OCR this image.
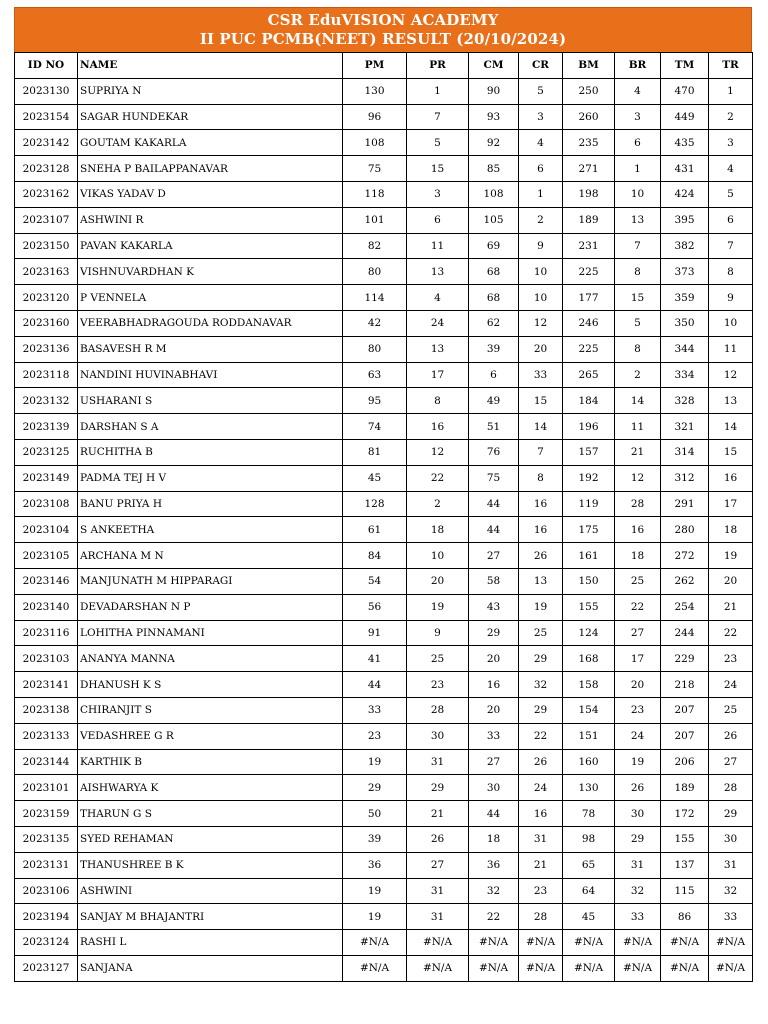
CSR EduVISION ACADEMY
II PUC PCMB(NEET) RESULT (20/10/2024)
ID NO	NAME	PM	PR	CM	CR	BM	BR	TM	TR
2023130	SUPRIYA N	130	1	90	5	250	4	470	1
2023154	SAGAR HUNDEKAR	96	7	93	3	260	3	449	2
2023142	GOUTAM KAKARLA	108	5	92	4	235	6	435	3
2023128	SNEHA P BAILAPPANAVAR	75	15	85	6	271	1	431	4
2023162	VIKAS YADAV D	118	3	108	1	198	10	424	5
2023107	ASHWINI R	101	6	105	2	189	13	395	6
2023150	PAVAN KAKARLA	82	11	69	9	231	7	382	7
2023163	VISHNUVARDHAN K	80	13	68	10	225	8	373	8
2023120	P VENNELA	114	4	68	10	177	15	359	9
2023160	VEERABHADRAGOUDA RODDANAVAR	42	24	62	12	246	5	350	10
2023136	BASAVESH R M	80	13	39	20	225	8	344	11
2023118	NANDINI HUVINABHAVI	63	17	6	33	265	2	334	12
2023132	USHARANI S	95	8	49	15	184	14	328	13
2023139	DARSHAN S A	74	16	51	14	196	11	321	14
2023125	RUCHITHA B	81	12	76	7	157	21	314	15
2023149	PADMA TEJ H V	45	22	75	8	192	12	312	16
2023108	BANU PRIYA H	128	2	44	16	119	28	291	17
2023104	S ANKEETHA	61	18	44	16	175	16	280	18
2023105	ARCHANA M N	84	10	27	26	161	18	272	19
2023146	MANJUNATH M HIPPARAGI	54	20	58	13	150	25	262	20
2023140	DEVADARSHAN N P	56	19	43	19	155	22	254	21
2023116	LOHITHA PINNAMANI	91	9	29	25	124	27	244	22
2023103	ANANYA MANNA	41	25	20	29	168	17	229	23
2023141	DHANUSH K S	44	23	16	32	158	20	218	24
2023138	CHIRANJIT S	33	28	20	29	154	23	207	25
2023133	VEDASHREE G R	23	30	33	22	151	24	207	26
2023144	KARTHIK B	19	31	27	26	160	19	206	27
2023101	AISHWARYA K	29	29	30	24	130	26	189	28
2023159	THARUN G S	50	21	44	16	78	30	172	29
2023135	SYED REHAMAN	39	26	18	31	98	29	155	30
2023131	THANUSHREE B K	36	27	36	21	65	31	137	31
2023106	ASHWINI	19	31	32	23	64	32	115	32
2023194	SANJAY M BHAJANTRI	19	31	22	28	45	33	86	33
2023124	RASHI L	#N/A	#N/A	#N/A	#N/A	#N/A	#N/A	#N/A	#N/A
2023127	SANJANA	#N/A	#N/A	#N/A	#N/A	#N/A	#N/A	#N/A	#N/A
